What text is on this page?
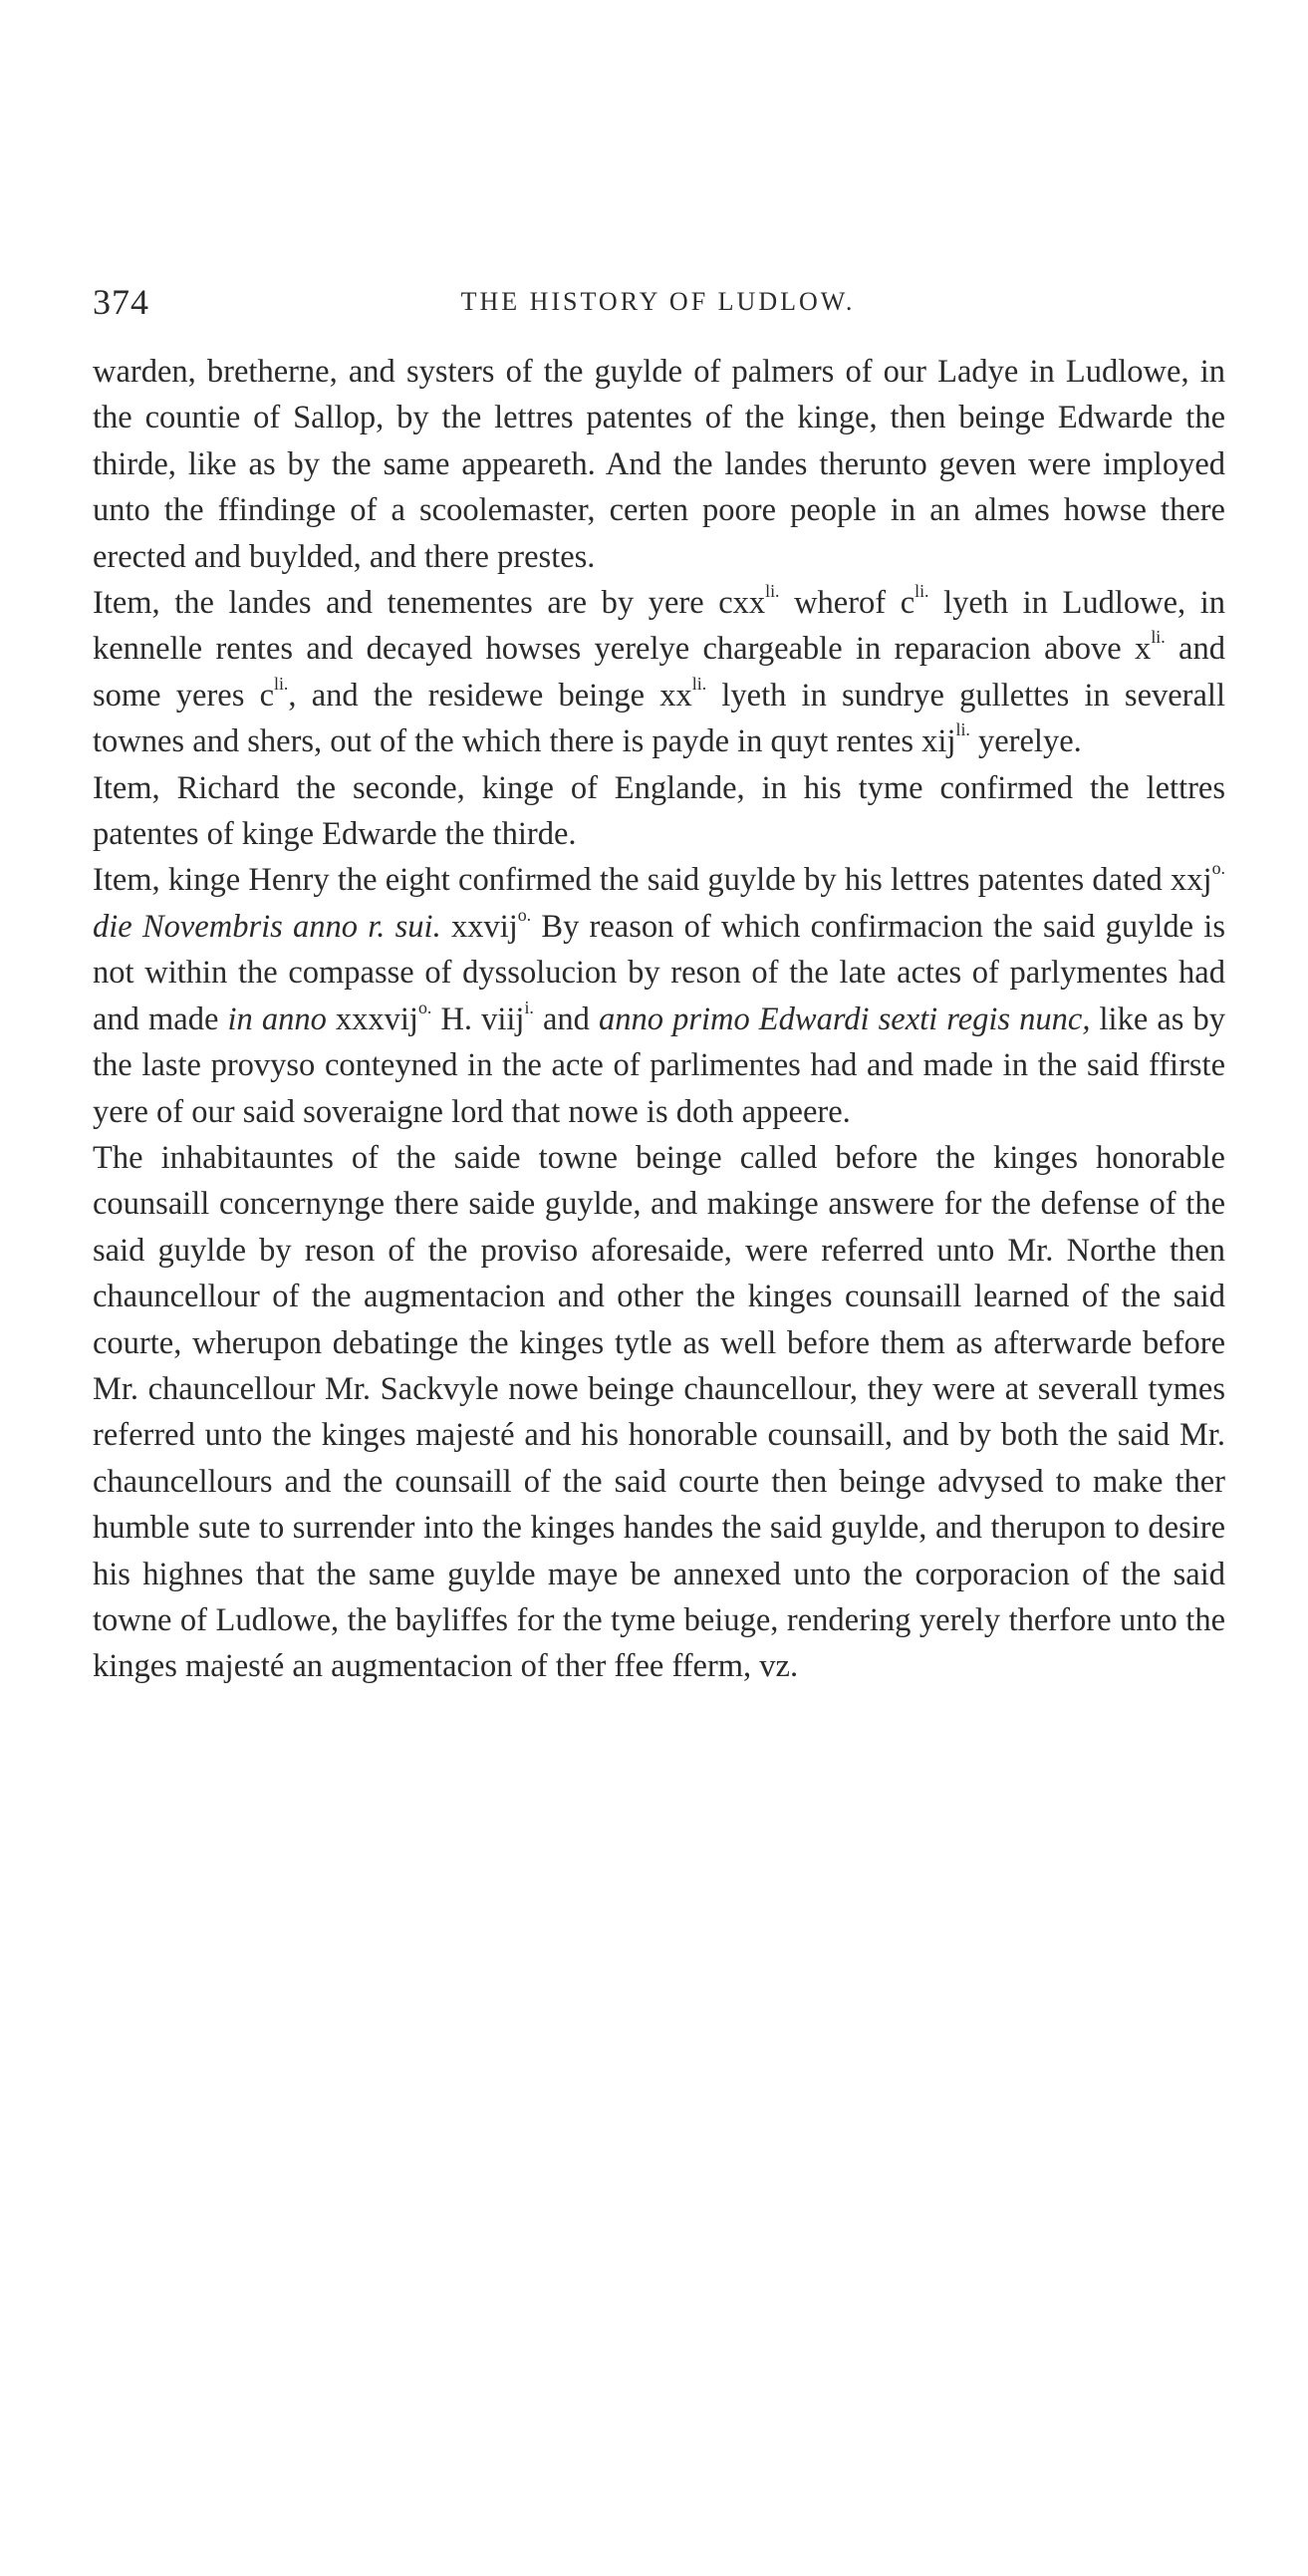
374	THE HISTORY OF LUDLOW.

warden, bretherne, and systers of the guylde of palmers of our Ladye in Ludlowe, in the countie of Sallop, by the lettres patentes of the kinge, then beinge Edwarde the thirde, like as by the same appeareth. And the landes therunto geven were imployed unto the ffindinge of a scoolemaster, certen poore people in an almes howse there erected and buylded, and there prestes.

Item, the landes and tenementes are by yere cxx$^{li.}$ wherof $c^{li.}$ lyeth in Ludlowe, in kennelle rentes and decayed howses yerelye chargeable in reparacion above $x^{li.}$ and some yeres $c^{li.}$, and the residewe beinge $xx^{li.}$ lyeth in sundrye gullettes in severall townes and shers, out of the which there is payde in quyt rentes xij$^{li.}$ yerelye.

Item, Richard the seconde, kinge of Englande, in his tyme confirmed the lettres patentes of kinge Edwarde the thirde.

Item, kinge Henry the eight confirmed the said guylde by his lettres patentes dated xxj$^{o.}$ die Novembris anno r. sui. xxvij$^{o.}$ By reason of which confirmacion the said guylde is not within the compasse of dyssolucion by reson of the late actes of parlymentes had and made in anno xxxvij$^{o.}$ H. viij$^{i.}$ and anno primo Edwardi sexti regis nunc, like as by the laste provyso conteyned in the acte of parlimentes had and made in the said ffirste yere of our said soveraigne lord that nowe is doth appeere.

The inhabitauntes of the saide towne beinge called before the kinges honorable counsaill concernynge there saide guylde, and makinge answere for the defense of the said guylde by reson of the proviso aforesaide, were referred unto Mr. Northe then chauncellour of the augmentacion and other the kinges counsaill learned of the said courte, wherupon debatinge the kinges tytle as well before them as afterwarde before Mr. chauncellour Mr. Sackvyle nowe beinge chauncellour, they were at severall tymes referred unto the kinges majesté and his honorable counsaill, and by both the said Mr. chauncellours and the counsaill of the said courte then beinge advysed to make ther humble sute to surrender into the kinges handes the said guylde, and therupon to desire his highnes that the same guylde maye be annexed unto the corporacion of the said towne of Ludlowe, the bayliffes for the tyme beiuge, rendering yerely therfore unto the kinges majesté an augmentacion of ther ffee fferm, vz.
